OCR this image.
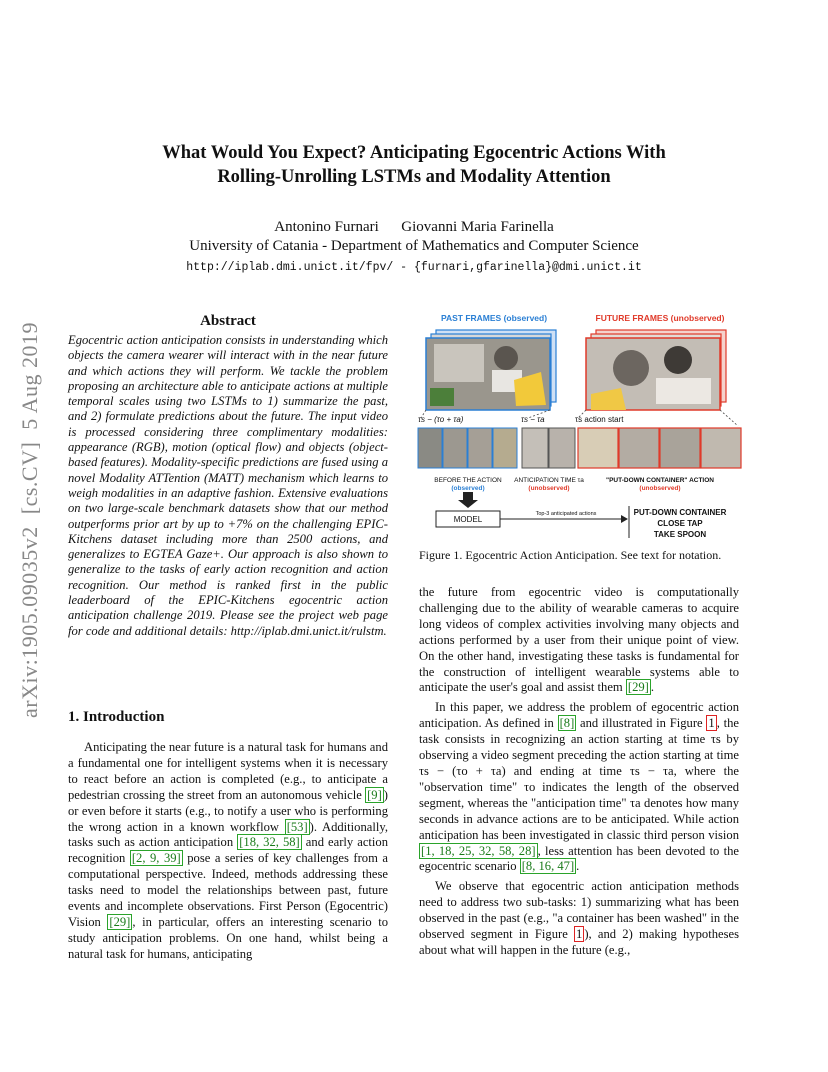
What Would You Expect? Anticipating Egocentric Actions With
Rolling-Unrolling LSTMs and Modality Attention
Antonino Furnari      Giovanni Maria Farinella
University of Catania - Department of Mathematics and Computer Science
http://iplab.dmi.unict.it/fpv/ - {furnari,gfarinella}@dmi.unict.it
arXiv:1905.09035v2  [cs.CV]  5 Aug 2019
Abstract
Egocentric action anticipation consists in understanding which objects the camera wearer will interact with in the near future and which actions they will perform. We tackle the problem proposing an architecture able to anticipate actions at multiple temporal scales using two LSTMs to 1) summarize the past, and 2) formulate predictions about the future. The input video is processed considering three complimentary modalities: appearance (RGB), motion (optical flow) and objects (object-based features). Modality-specific predictions are fused using a novel Modality ATTention (MATT) mechanism which learns to weigh modalities in an adaptive fashion. Extensive evaluations on two large-scale benchmark datasets show that our method outperforms prior art by up to +7% on the challenging EPIC-Kitchens dataset including more than 2500 actions, and generalizes to EGTEA Gaze+. Our approach is also shown to generalize to the tasks of early action recognition and action recognition. Our method is ranked first in the public leaderboard of the EPIC-Kitchens egocentric action anticipation challenge 2019. Please see the project web page for code and additional details: http://iplab.dmi.unict.it/rulstm.
1. Introduction

Anticipating the near future is a natural task for humans and a fundamental one for intelligent systems when it is necessary to react before an action is completed (e.g., to anticipate a pedestrian crossing the street from an autonomous vehicle [9] ) or even before it starts (e.g., to notify a user who is performing the wrong action in a known workflow [53] ). Additionally, tasks such as action anticipation [18, 32, 58] and early action recognition [2, 9, 39] pose a series of key challenges from a computational perspective. Indeed, methods addressing these tasks need to model the relationships between past, future events and incomplete observations. First Person (Egocentric) Vision [29] , in particular, offers an interesting scenario to study anticipation problems. On one hand, whilst being a natural task for humans, anticipating

PAST FRAMES (observed)	FUTURE FRAMES (unobserved)
τs − (τo + τa)	τs − τa	τs action start
BEFORE THE ACTION
(observed)
ANTICIPATION TIME τa
(unobserved)
"PUT-DOWN CONTAINER" ACTION
(unobserved)
MODEL
Top-3 anticipated actions	PUT-DOWN CONTAINER
CLOSE TAP
TAKE SPOON
Figure 1. Egocentric Action Anticipation. See text for notation.

the future from egocentric video is computationally challenging due to the ability of wearable cameras to acquire long videos of complex activities involving many objects and actions performed by a user from their unique point of view. On the other hand, investigating these tasks is fundamental for the construction of intelligent wearable systems able to anticipate the user's goal and assist them [29] .

In this paper, we address the problem of egocentric action anticipation. As defined in [8] and illustrated in Figure 1 , the task consists in recognizing an action starting at time τs by observing a video segment preceding the action starting at time τs − (τo + τa) and ending at time τs − τa, where the "observation time" τo indicates the length of the observed segment, whereas the "anticipation time" τa denotes how many seconds in advance actions are to be anticipated. While action anticipation has been investigated in classic third person vision [1, 18, 25, 32, 58, 28] , less attention has been devoted to the egocentric scenario [8, 16, 47] .

We observe that egocentric action anticipation methods need to address two sub-tasks: 1) summarizing what has been observed in the past (e.g., "a container has been washed" in the observed segment in Figure 1 ), and 2) making hypotheses about what will happen in the future (e.g.,
